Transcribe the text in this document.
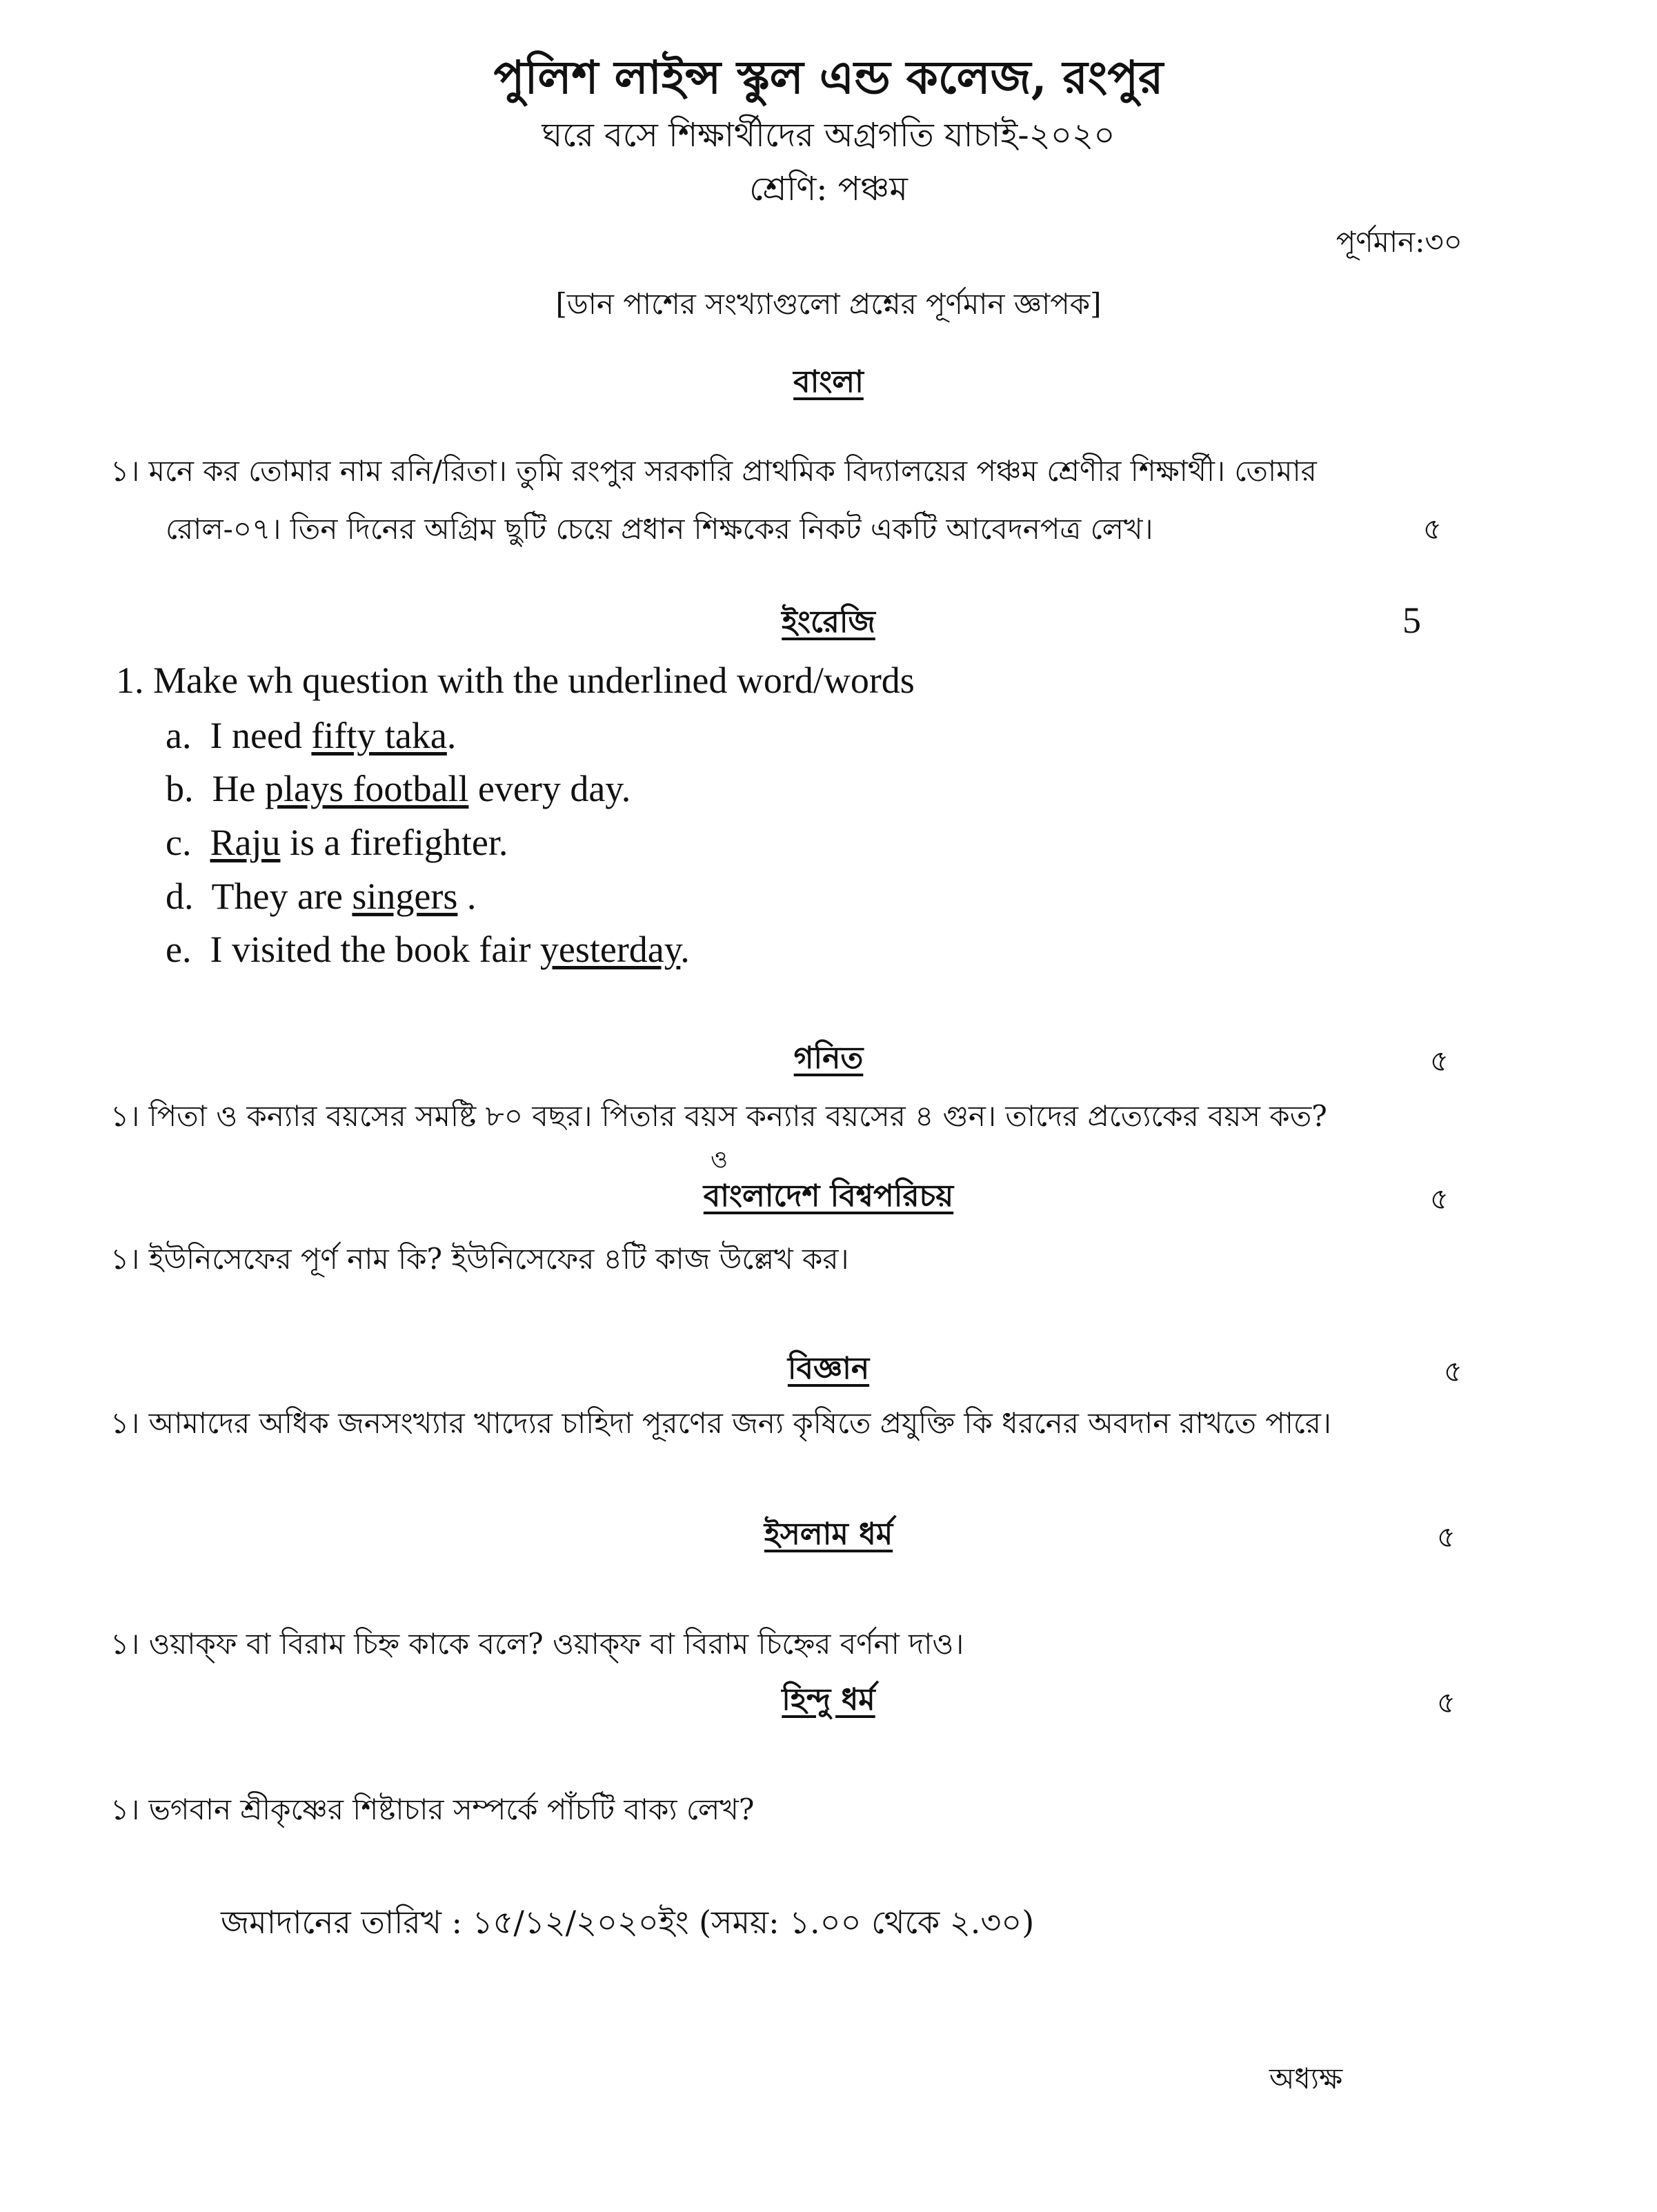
পুলিশ লাইন্স স্কুল এন্ড কলেজ, রংপুর
ঘরে বসে শিক্ষার্থীদের অগ্রগতি যাচাই-২০২০
শ্রেণি: পঞ্চম
পূর্ণমান:৩০
[ডান পাশের সংখ্যাগুলো প্রশ্নের পূর্ণমান জ্ঞাপক]
বাংলা
১। মনে কর তোমার নাম রনি/রিতা। তুমি রংপুর সরকারি প্রাথমিক বিদ্যালয়ের পঞ্চম শ্রেণীর শিক্ষার্থী। তোমার
রোল-০৭। তিন দিনের অগ্রিম ছুটি চেয়ে প্রধান শিক্ষকের নিকট একটি আবেদনপত্র লেখ।	৫
ইংরেজি	5
1. Make wh question with the underlined word/words
a. I need fifty taka.
b. He plays football every day.
c. Raju is a firefighter.
d. They are singers .
e. I visited the book fair yesterday.
গনিত	৫
১। পিতা ও কন্যার বয়সের সমষ্টি ৮০ বছর। পিতার বয়স কন্যার বয়সের ৪ গুন। তাদের প্রত্যেকের বয়স কত?
ও
বাংলাদেশ বিশ্বপরিচয়	৫
১। ইউনিসেফের পূর্ণ নাম কি? ইউনিসেফের ৪টি কাজ উল্লেখ কর।
বিজ্ঞান	৫
১। আমাদের অধিক জনসংখ্যার খাদ্যের চাহিদা পূরণের জন্য কৃষিতে প্রযুক্তি কি ধরনের অবদান রাখতে পারে।
ইসলাম ধর্ম	৫
১। ওয়াক্‌ফ বা বিরাম চিহ্ন কাকে বলে? ওয়াক্‌ফ বা বিরাম চিহ্নের বর্ণনা দাও।
হিন্দু ধর্ম	৫
১। ভগবান শ্রীকৃষ্ণের শিষ্টাচার সম্পর্কে পাঁচটি বাক্য লেখ?
জমাদানের তারিখ : ১৫/১২/২০২০ইং (সময়: ১.০০ থেকে ২.৩০)
অধ্যক্ষ
